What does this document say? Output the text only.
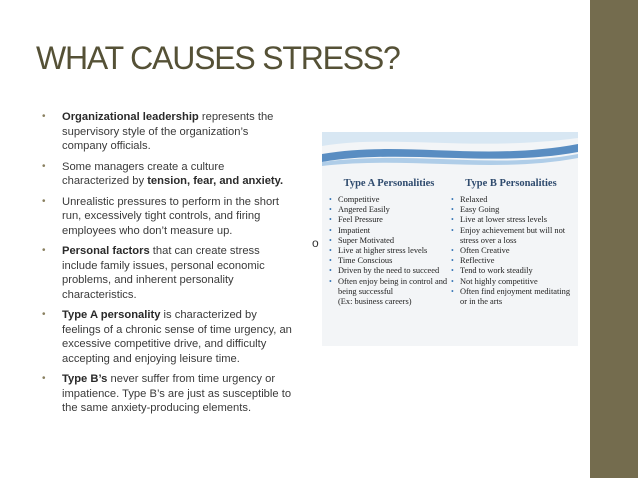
WHAT CAUSES STRESS?
• Organizational leadership represents the supervisory style of the organization’s company officials.
• Some managers create a culture characterized by tension, fear, and anxiety.
• Unrealistic pressures to perform in the short run, excessively tight controls, and firing employees who don’t measure up.
• Personal factors that can create stress include family issues, personal economic problems, and inherent personality characteristics.
• Type A personality is characterized by feelings of a chronic sense of time urgency, an excessive competitive drive, and difficulty accepting and enjoying leisure time.
• Type B’s never suffer from time urgency or impatience. Type B’s are just as susceptible to the same anxiety-producing elements.
o
Type A Personalities
• Competitive
• Angered Easily
• Feel Pressure
• Impatient
• Super Motivated
• Live at higher stress levels
• Time Conscious
• Driven by the need to succeed
• Often enjoy being in control and being successful
(Ex: business careers)
Type B Personalities
• Relaxed
• Easy Going
• Live at lower stress levels
• Enjoy achievement but will not stress over a loss
• Often Creative
• Reflective
• Tend to work steadily
• Not highly competitive
• Often find enjoyment meditating or in the arts
